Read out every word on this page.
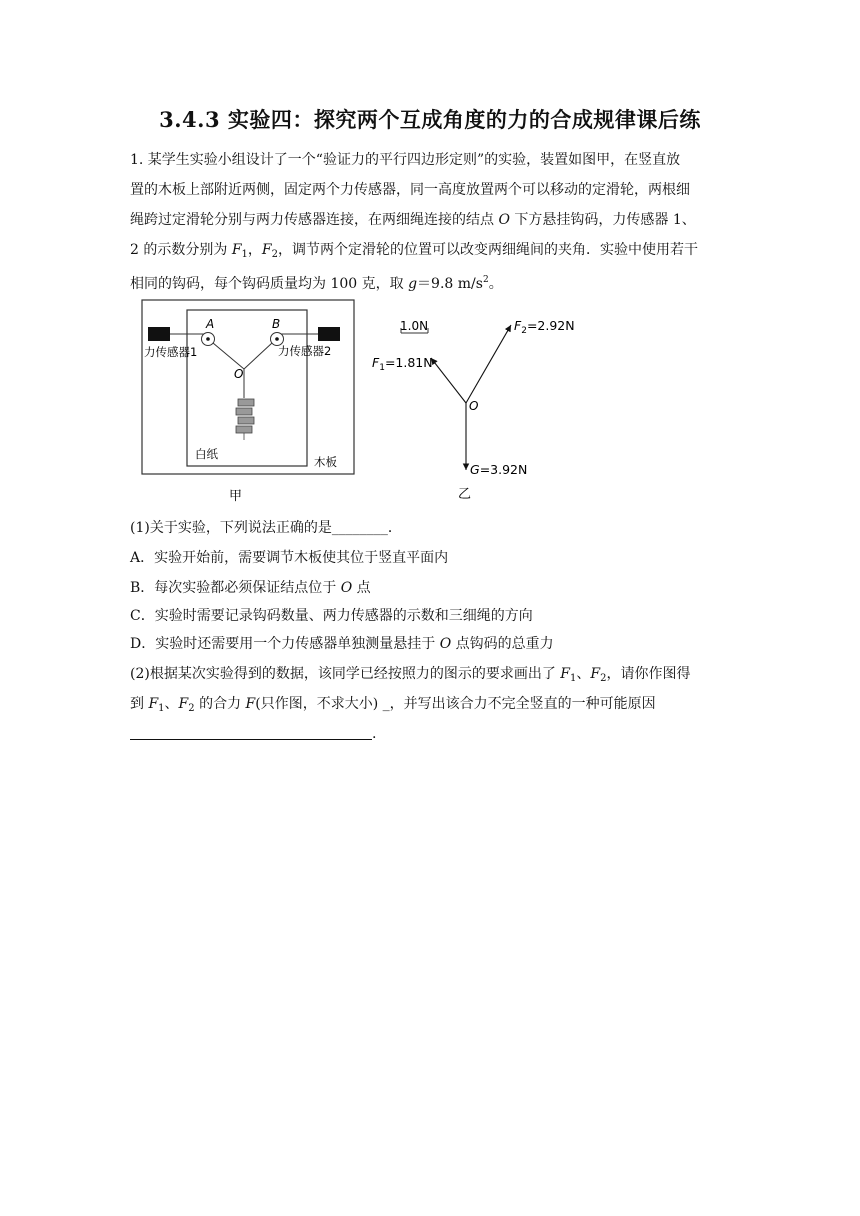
3.4.3 实验四：探究两个互成角度的力的合成规律课后练
1. 某学生实验小组设计了一个“验证力的平行四边形定则”的实验，装置如图甲，在竖直放
置的木板上部附近两侧，固定两个力传感器，同一高度放置两个可以移动的定滑轮，两根细
绳跨过定滑轮分别与两力传感器连接，在两细绳连接的结点 O 下方悬挂钩码，力传感器 1、
2 的示数分别为 $F_1$，$F_2$，调节两个定滑轮的位置可以改变两细绳间的夹角．实验中使用若干
相同的钩码，每个钩码质量均为 100 克，取 g＝9.8 $m/s^2$。
A	B
O
力传感器1	力传感器2
白纸
木板
甲
1.0N
$F_1=1.81N$
$F_2=2.92N$
G=3.92N
O
乙
(1)关于实验，下列说法正确的是________．
A．实验开始前，需要调节木板使其位于竖直平面内
B．每次实验都必须保证结点位于 O 点
C．实验时需要记录钩码数量、两力传感器的示数和三细绳的方向
D．实验时还需要用一个力传感器单独测量悬挂于 O 点钩码的总重力
(2)根据某次实验得到的数据，该同学已经按照力的图示的要求画出了 $F_1$、$F_2$，请你作图得
到 $F_1$、$F_2$ 的合力 F(只作图，不求大小) _，并写出该合力不完全竖直的一种可能原因
.
